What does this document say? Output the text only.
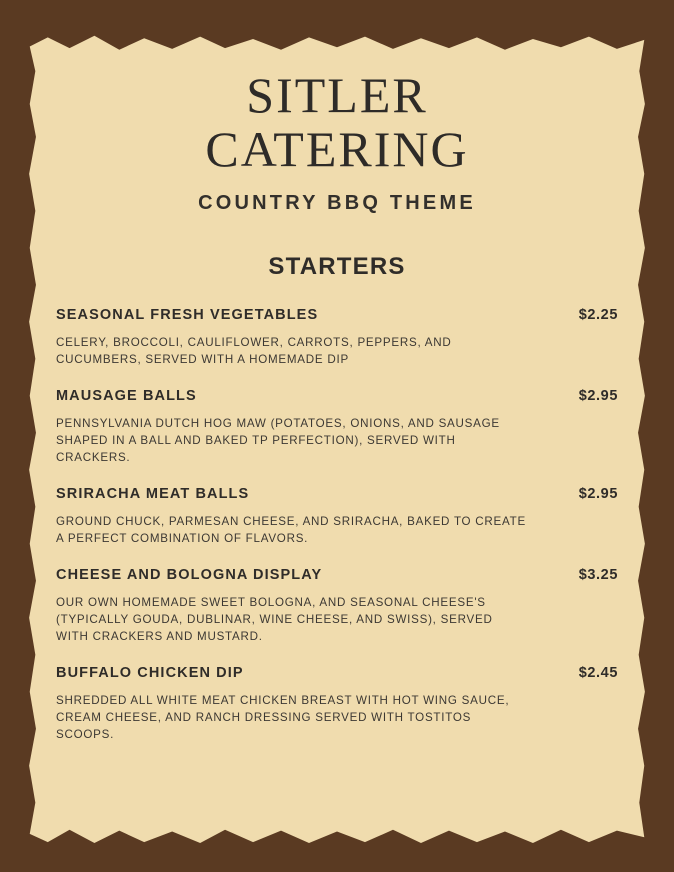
SITLER
CATERING
COUNTRY BBQ THEME
STARTERS
SEASONAL FRESH VEGETABLES	$2.25
CELERY, BROCCOLI, CAULIFLOWER, CARROTS, PEPPERS, AND CUCUMBERS, SERVED WITH A HOMEMADE DIP
MAUSAGE BALLS	$2.95
PENNSYLVANIA DUTCH HOG MAW (POTATOES, ONIONS, AND SAUSAGE SHAPED IN A BALL AND BAKED TP PERFECTION), SERVED WITH CRACKERS.
SRIRACHA MEAT BALLS	$2.95
GROUND CHUCK, PARMESAN CHEESE, AND SRIRACHA, BAKED TO CREATE A PERFECT COMBINATION OF FLAVORS.
CHEESE AND BOLOGNA DISPLAY	$3.25
OUR OWN HOMEMADE SWEET BOLOGNA, AND SEASONAL CHEESE'S (TYPICALLY GOUDA, DUBLINAR, WINE CHEESE, AND SWISS), SERVED WITH CRACKERS AND MUSTARD.
BUFFALO CHICKEN DIP	$2.45
SHREDDED ALL WHITE MEAT CHICKEN BREAST WITH HOT WING SAUCE, CREAM CHEESE, AND RANCH DRESSING SERVED WITH TOSTITOS SCOOPS.
